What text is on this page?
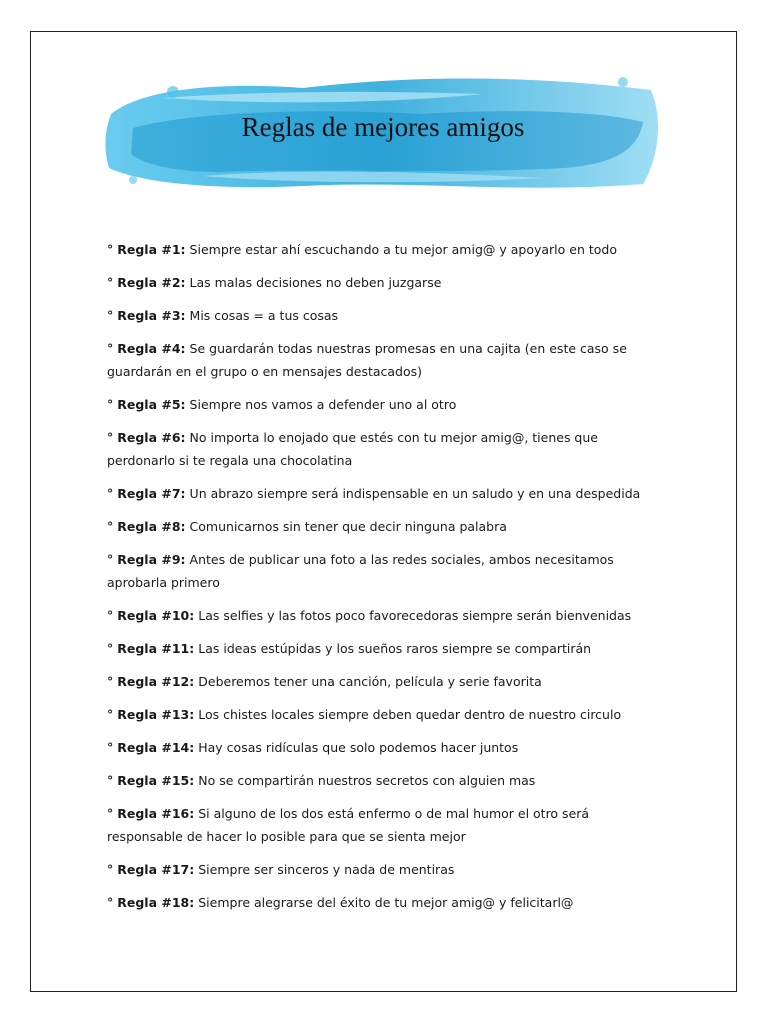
Reglas de mejores amigos
° Regla #1: Siempre estar ahí escuchando a tu mejor amig@ y apoyarlo en todo
° Regla #2: Las malas decisiones no deben juzgarse
° Regla #3: Mis cosas = a tus cosas
° Regla #4: Se guardarán todas nuestras promesas en una cajita (en este caso se guardarán en el grupo o en mensajes destacados)
° Regla #5: Siempre nos vamos a defender uno al otro
° Regla #6: No importa lo enojado que estés con tu mejor amig@, tienes que perdonarlo si te regala una chocolatina
° Regla #7: Un abrazo siempre será indispensable en un saludo y en una despedida
° Regla #8: Comunicarnos sin tener que decir ninguna palabra
° Regla #9: Antes de publicar una foto a las redes sociales, ambos necesitamos aprobarla primero
° Regla #10: Las selfies y las fotos poco favorecedoras siempre serán bienvenidas
° Regla #11: Las ideas estúpidas y los sueños raros siempre se compartirán
° Regla #12: Deberemos tener una canción, película y serie favorita
° Regla #13: Los chistes locales siempre deben quedar dentro de nuestro circulo
° Regla #14: Hay cosas ridículas que solo podemos hacer juntos
° Regla #15: No se compartirán nuestros secretos con alguien mas
° Regla #16: Si alguno de los dos está enfermo o de mal humor el otro será responsable de hacer lo posible para que se sienta mejor
° Regla #17: Siempre ser sinceros y nada de mentiras
° Regla #18: Siempre alegrarse del éxito de tu mejor amig@ y felicitarl@
